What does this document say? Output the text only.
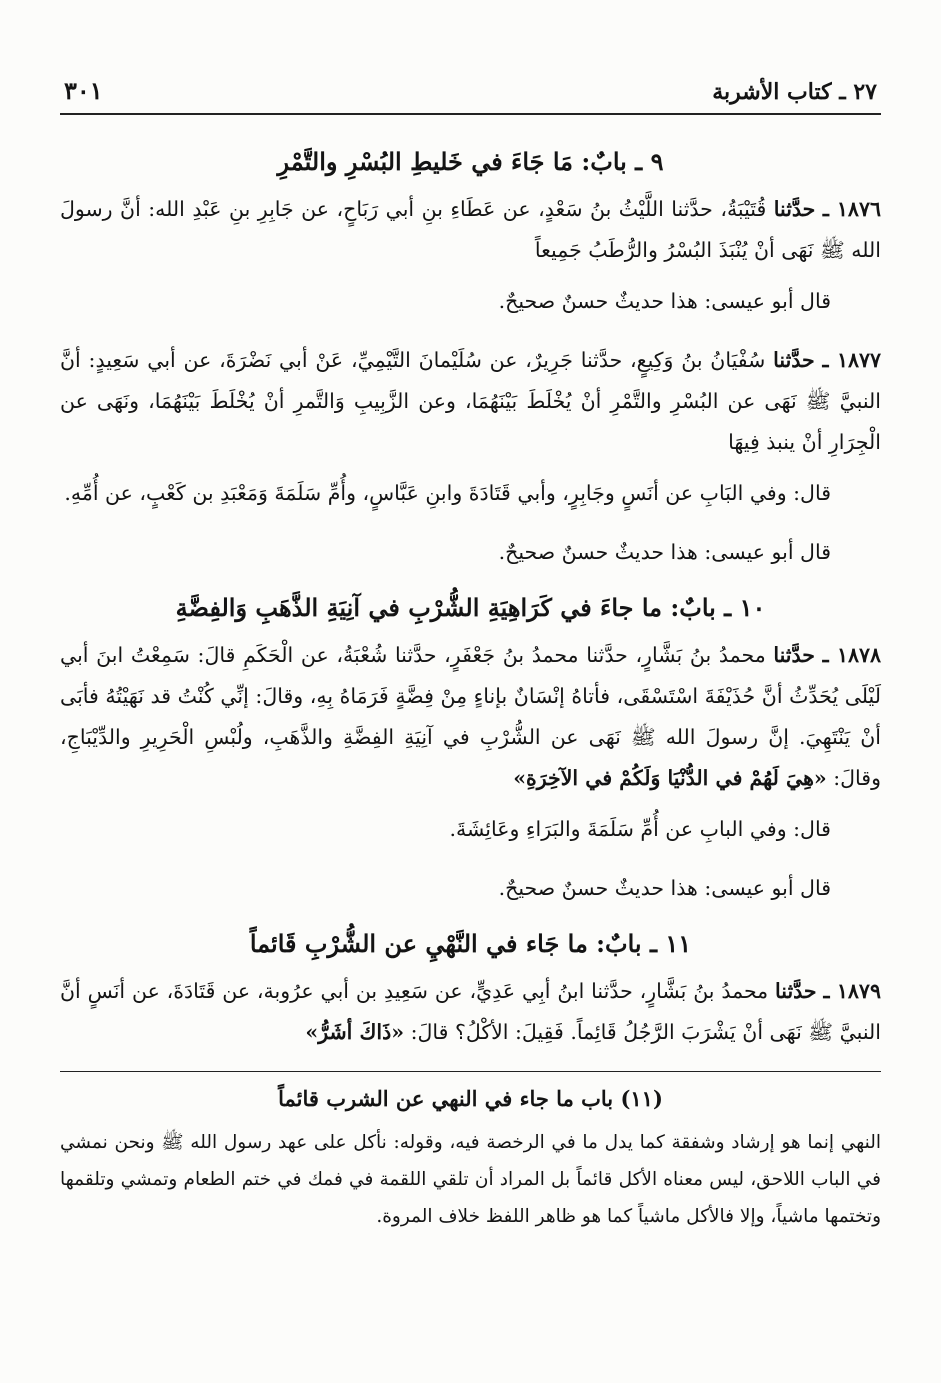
٢٧ ـ كتاب الأشربة
٣٠١
٩ ـ بابٌ: مَا جَاءَ في خَليطِ البُسْرِ والتَّمْرِ

١٨٧٦ ـ حدَّثنا قُتَيْبَةُ، حدَّثنا اللَّيْثُ بنُ سَعْدٍ، عن عَطَاءِ بنِ أبي رَبَاحٍ، عن جَابِرِ بنِ عَبْدِ الله: أنَّ رسولَ الله ﷺ نَهَى أنْ يُنْبَذَ البُسْرُ والرُّطَبُ جَمِيعاً

قال أبو عيسى: هذا حديثٌ حسنٌ صحيحٌ.

١٨٧٧ ـ حدَّثنا سُفْيَانُ بنُ وَكِيعٍ، حدَّثنا جَرِيرٌ، عن سُلَيْمانَ التَّيْمِيِّ، عَنْ أبي نَضْرَةَ، عن أبي سَعِيدٍ: أنَّ النبيَّ ﷺ نَهَى عن البُسْرِ والتَّمْرِ أنْ يُخْلَطَ بَيْنَهُمَا، وعن الزَّبِيبِ وَالتَّمرِ أنْ يُخْلَطَ بَيْنَهُمَا، ونَهَى عن الْجِرَارِ أنْ ينبذ فِيهَا

قال: وفي البَابِ عن أنَسٍ وجَابِرٍ، وأبي قَتَادَةَ وابنِ عَبَّاسٍ، وأُمِّ سَلَمَةَ وَمَعْبَدِ بن كَعْبٍ، عن أُمِّهِ.

قال أبو عيسى: هذا حديثٌ حسنٌ صحيحٌ.

١٠ ـ بابٌ: ما جاءَ في كَرَاهِيَةِ الشُّرْبِ في آنِيَةِ الذَّهَبِ وَالفِضَّةِ

١٨٧٨ ـ حدَّثنا محمدُ بنُ بَشَّارٍ، حدَّثنا محمدُ بنُ جَعْفَرٍ، حدَّثنا شُعْبَةُ، عن الْحَكَمِ قالَ: سَمِعْتُ ابنَ أبي لَيْلَى يُحَدِّثُ أنَّ حُذَيْفَةَ اسْتَسْقَى، فأتاهُ إنْسَانٌ بإناءٍ مِنْ فِضَّةٍ فَرَمَاهُ بِهِ، وقالَ: إنِّي كُنْتُ قد نَهَيْتُهُ فأبَى أنْ يَنْتَهِيَ. إنَّ رسولَ الله ﷺ نَهَى عن الشُّرْبِ في آنِيَةِ الفِضَّةِ والذَّهَبِ، ولُبْسِ الْحَرِيرِ والدِّيْبَاجِ، وقالَ: «هِيَ لَهُمْ في الدُّنْيَا وَلَكُمْ في الآخِرَةِ»

قال: وفي البابِ عن أُمِّ سَلَمَةَ والبَرَاءِ وعَائِشَةَ.

قال أبو عيسى: هذا حديثٌ حسنٌ صحيحٌ.

١١ ـ بابٌ: ما جَاء في النَّهْيِ عن الشُّرْبِ قَائماً

١٨٧٩ ـ حدَّثنا محمدُ بنُ بَشَّارٍ، حدَّثنا ابنُ أبِي عَدِيٍّ، عن سَعِيدِ بن أبي عرُوبة، عن قَتَادَةَ، عن أنَسٍ أنَّ النبيَّ ﷺ نَهَى أنْ يَشْرَبَ الرَّجُلُ قَائِماً. فَقِيلَ: الأكْلُ؟ قالَ: «ذَاكَ أشَرُّ»

(١١) باب ما جاء في النهي عن الشرب قائماً

النهي إنما هو إرشاد وشفقة كما يدل ما في الرخصة فيه، وقوله: نأكل على عهد رسول الله ﷺ ونحن نمشي في الباب اللاحق، ليس معناه الأكل قائماً بل المراد أن تلقي اللقمة في فمك في ختم الطعام وتمشي وتلقمها وتختمها ماشياً، وإلا فالأكل ماشياً كما هو ظاهر اللفظ خلاف المروة.
